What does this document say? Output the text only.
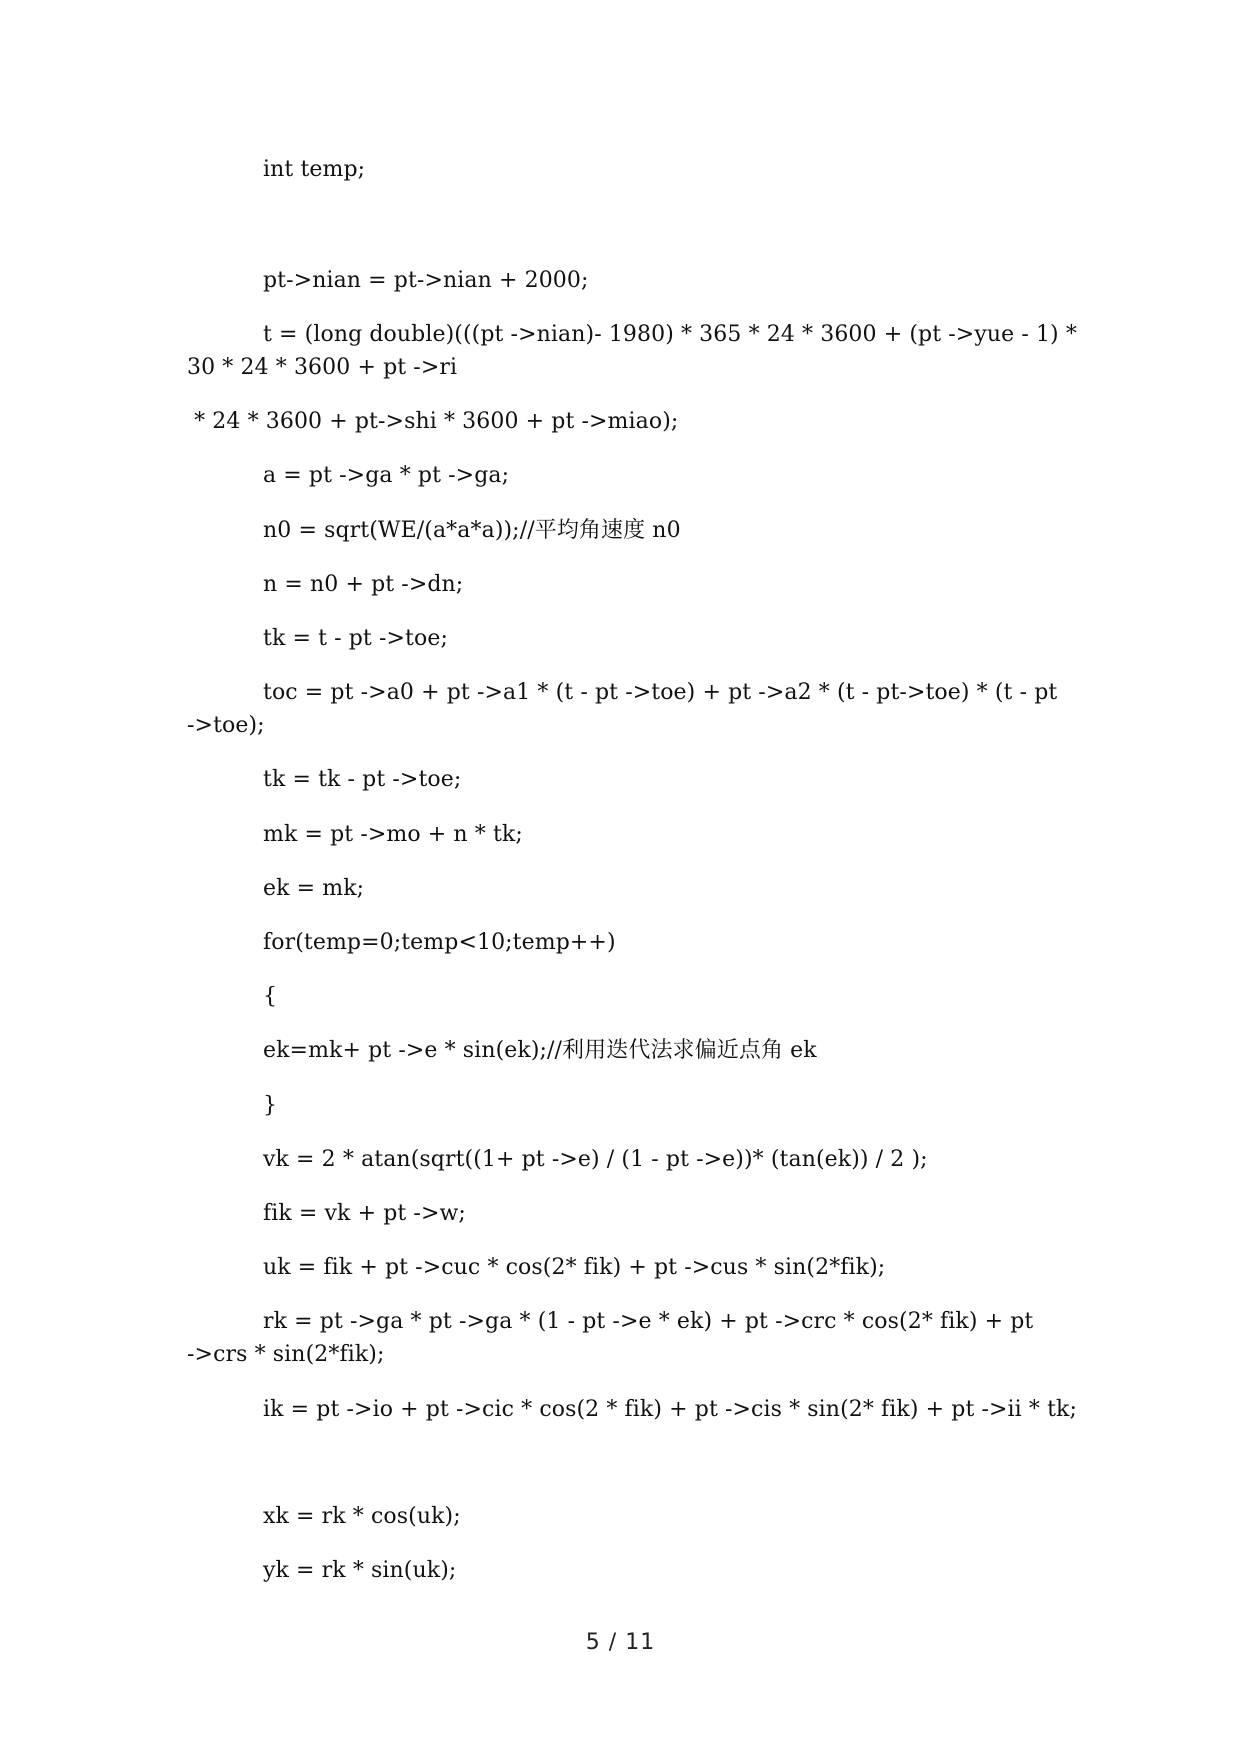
int temp;
pt->nian = pt->nian + 2000;
t = (long double)(((pt ->nian)- 1980) * 365 * 24 * 3600 + (pt ->yue - 1) *
30 * 24 * 3600 + pt ->ri
* 24 * 3600 + pt->shi * 3600 + pt ->miao);
a = pt ->ga * pt ->ga;
n0 = sqrt(WE/(a*a*a));//平均角速度 n0
n = n0 + pt ->dn;
tk = t - pt ->toe;
toc = pt ->a0 + pt ->a1 * (t - pt ->toe) + pt ->a2 * (t - pt->toe) * (t - pt
->toe);
tk = tk - pt ->toe;
mk = pt ->mo + n * tk;
ek = mk;
for(temp=0;temp<10;temp++)
{
ek=mk+ pt ->e * sin(ek);//利用迭代法求偏近点角 ek
}
vk = 2 * atan(sqrt((1+ pt ->e) / (1 - pt ->e))* (tan(ek)) / 2 );
fik = vk + pt ->w;
uk = fik + pt ->cuc * cos(2* fik) + pt ->cus * sin(2*fik);
rk = pt ->ga * pt ->ga * (1 - pt ->e * ek) + pt ->crc * cos(2* fik) + pt
->crs * sin(2*fik);
ik = pt ->io + pt ->cic * cos(2 * fik) + pt ->cis * sin(2* fik) + pt ->ii * tk;
xk = rk * cos(uk);
yk = rk * sin(uk);
5 / 11
